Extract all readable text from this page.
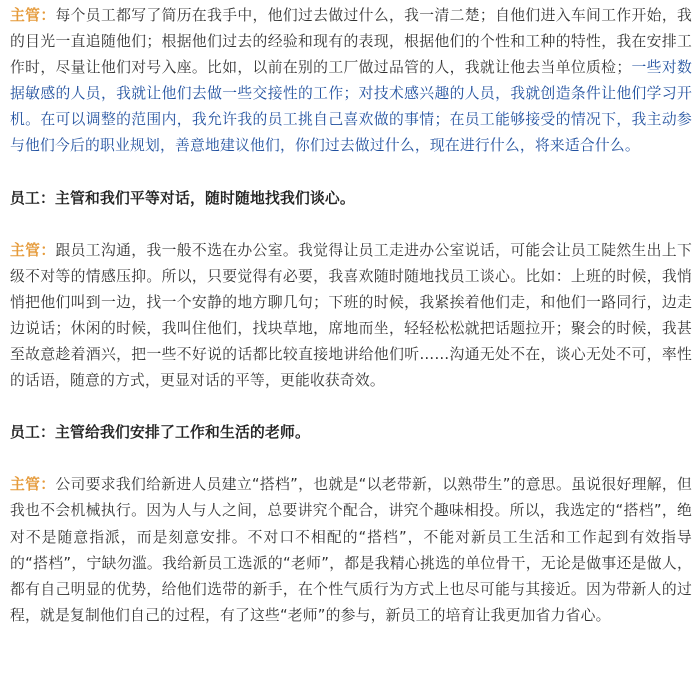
主管：每个员工都写了简历在我手中，他们过去做过什么，我一清二楚；自他们进入车间工作开始，我的目光一直追随他们；根据他们过去的经验和现有的表现，根据他们的个性和工种的特性，我在安排工作时，尽量让他们对号入座。比如，以前在别的工厂做过品管的人，我就让他去当单位质检；一些对数据敏感的人员，我就让他们去做一些交接性的工作；对技术感兴趣的人员，我就创造条件让他们学习开机。在可以调整的范围内，我允许我的员工挑自己喜欢做的事情；在员工能够接受的情况下，我主动参与他们今后的职业规划，善意地建议他们，你们过去做过什么，现在进行什么，将来适合什么。

员工：主管和我们平等对话，随时随地找我们谈心。

主管：跟员工沟通，我一般不选在办公室。我觉得让员工走进办公室说话，可能会让员工陡然生出上下级不对等的情感压抑。所以，只要觉得有必要，我喜欢随时随地找员工谈心。比如：上班的时候，我悄悄把他们叫到一边，找一个安静的地方聊几句；下班的时候，我紧挨着他们走，和他们一路同行，边走边说话；休闲的时候，我叫住他们，找块草地，席地而坐，轻轻松松就把话题拉开；聚会的时候，我甚至故意趁着酒兴，把一些不好说的话都比较直接地讲给他们听……沟通无处不在，谈心无处不可，率性的话语，随意的方式，更显对话的平等，更能收获奇效。

员工：主管给我们安排了工作和生活的老师。

主管：公司要求我们给新进人员建立“搭档”，也就是“以老带新，以熟带生”的意思。虽说很好理解，但我也不会机械执行。因为人与人之间，总要讲究个配合，讲究个趣味相投。所以，我选定的“搭档”，绝对不是随意指派，而是刻意安排。不对口不相配的“搭档”，不能对新员工生活和工作起到有效指导的“搭档”，宁缺勿滥。我给新员工选派的“老师”，都是我精心挑选的单位骨干，无论是做事还是做人，都有自己明显的优势，给他们选带的新手，在个性气质行为方式上也尽可能与其接近。因为带新人的过程，就是复制他们自己的过程，有了这些“老师”的参与，新员工的培育让我更加省力省心。
